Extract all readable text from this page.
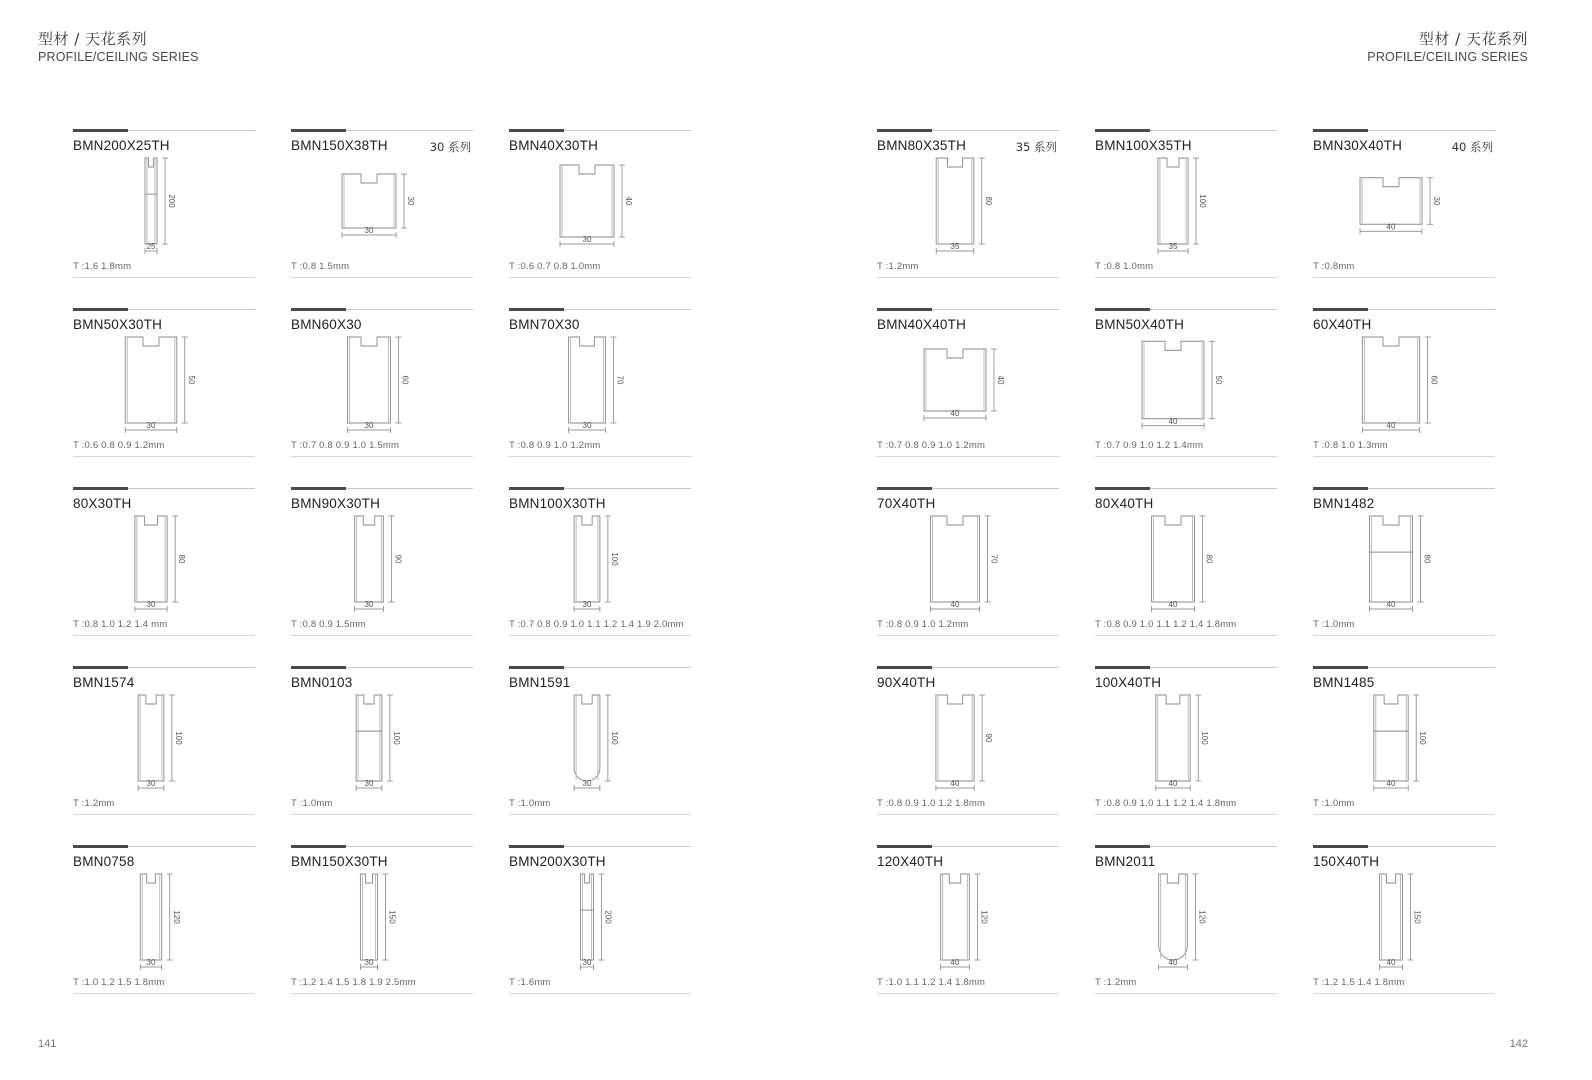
型材 / 天花系列
PROFILE/CEILING SERIES
BMN200X25TH
200
25
T :1.6 1.8mm
BMN150X38TH	30 系列
30
30
T :0.8 1.5mm
BMN40X30TH
40
30
T :0.6 0.7 0.8 1.0mm
BMN50X30TH
50
30
T :0.6 0.8 0.9 1.2mm
BMN60X30
60
30
T :0.7 0.8 0.9 1.0 1.5mm
BMN70X30
70
30
T :0.8 0.9 1.0 1.2mm
80X30TH
80
30
T :0.8 1.0 1.2 1.4 mm
BMN90X30TH
90
30
T :0.8 0.9 1.5mm
BMN100X30TH
100
30
T :0.7 0.8 0.9 1.0 1.1 1.2 1.4 1.9 2.0mm
BMN1574
100
30
T :1.2mm
BMN0103
100
30
T :1.0mm
BMN1591
100
30
T :1.0mm
BMN0758
120
30
T :1.0 1.2 1.5 1.8mm
BMN150X30TH
150
30
T :1.2 1.4 1.5 1.8 1.9 2.5mm
BMN200X30TH
200
30
T :1.6mm
141
型材 / 天花系列
PROFILE/CEILING SERIES
BMN80X35TH	35 系列
80
35
T :1.2mm
BMN100X35TH
100
35
T :0.8 1.0mm
BMN30X40TH	40 系列
30
40
T :0.8mm
BMN40X40TH
40
40
T :0.7 0.8 0.9 1.0 1.2mm
BMN50X40TH
50
40
T :0.7 0.9 1.0 1.2 1.4mm
60X40TH
60
40
T :0.8 1.0 1.3mm
70X40TH
70
40
T :0.8 0.9 1.0 1.2mm
80X40TH
80
40
T :0.8 0.9 1.0 1.1 1.2 1.4 1.8mm
BMN1482
80
40
T :1.0mm
90X40TH
90
40
T :0.8 0.9 1.0 1.2 1.8mm
100X40TH
100
40
T :0.8 0.9 1.0 1.1 1.2 1.4 1.8mm
BMN1485
100
40
T :1.0mm
120X40TH
120
40
T :1.0 1.1 1.2 1.4 1.8mm
BMN2011
120
40
T :1.2mm
150X40TH
150
40
T :1.2 1.5 1.4 1.8mm
142
